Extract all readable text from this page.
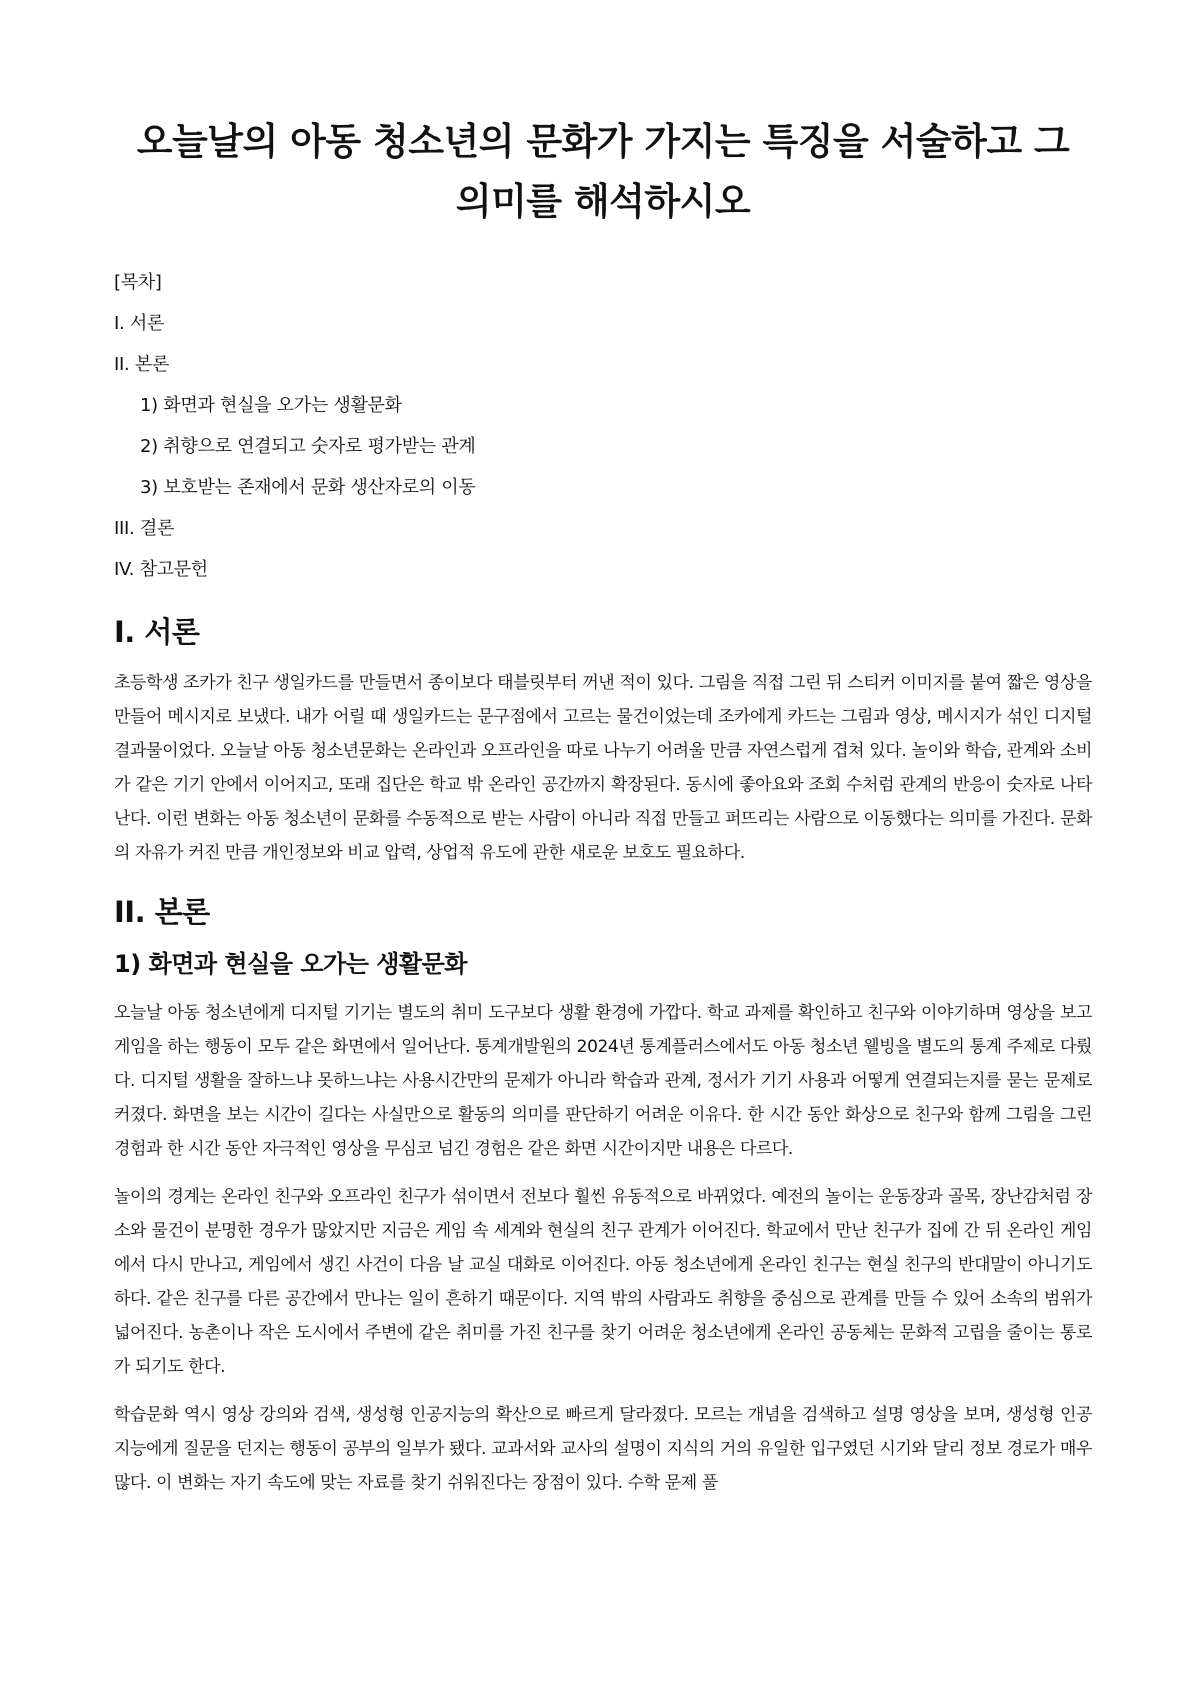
오늘날의 아동 청소년의 문화가 가지는 특징을 서술하고 그 의미를 해석하시오
[목차]
I. 서론
II. 본론
1) 화면과 현실을 오가는 생활문화
2) 취향으로 연결되고 숫자로 평가받는 관계
3) 보호받는 존재에서 문화 생산자로의 이동
III. 결론
IV. 참고문헌
I. 서론

초등학생 조카가 친구 생일카드를 만들면서 종이보다 태블릿부터 꺼낸 적이 있다. 그림을 직접 그린 뒤 스티커 이미지를 붙여 짧은 영상을 만들어 메시지로 보냈다. 내가 어릴 때 생일카드는 문구점에서 고르는 물건이었는데 조카에게 카드는 그림과 영상, 메시지가 섞인 디지털 결과물이었다. 오늘날 아동 청소년문화는 온라인과 오프라인을 따로 나누기 어려울 만큼 자연스럽게 겹쳐 있다. 놀이와 학습, 관계와 소비가 같은 기기 안에서 이어지고, 또래 집단은 학교 밖 온라인 공간까지 확장된다. 동시에 좋아요와 조회 수처럼 관계의 반응이 숫자로 나타난다. 이런 변화는 아동 청소년이 문화를 수동적으로 받는 사람이 아니라 직접 만들고 퍼뜨리는 사람으로 이동했다는 의미를 가진다. 문화의 자유가 커진 만큼 개인정보와 비교 압력, 상업적 유도에 관한 새로운 보호도 필요하다.

II. 본론
1) 화면과 현실을 오가는 생활문화

오늘날 아동 청소년에게 디지털 기기는 별도의 취미 도구보다 생활 환경에 가깝다. 학교 과제를 확인하고 친구와 이야기하며 영상을 보고 게임을 하는 행동이 모두 같은 화면에서 일어난다. 통계개발원의 2024년 통계플러스에서도 아동 청소년 웰빙을 별도의 통계 주제로 다뤘다. 디지털 생활을 잘하느냐 못하느냐는 사용시간만의 문제가 아니라 학습과 관계, 정서가 기기 사용과 어떻게 연결되는지를 묻는 문제로 커졌다. 화면을 보는 시간이 길다는 사실만으로 활동의 의미를 판단하기 어려운 이유다. 한 시간 동안 화상으로 친구와 함께 그림을 그린 경험과 한 시간 동안 자극적인 영상을 무심코 넘긴 경험은 같은 화면 시간이지만 내용은 다르다.

놀이의 경계는 온라인 친구와 오프라인 친구가 섞이면서 전보다 훨씬 유동적으로 바뀌었다. 예전의 놀이는 운동장과 골목, 장난감처럼 장소와 물건이 분명한 경우가 많았지만 지금은 게임 속 세계와 현실의 친구 관계가 이어진다. 학교에서 만난 친구가 집에 간 뒤 온라인 게임에서 다시 만나고, 게임에서 생긴 사건이 다음 날 교실 대화로 이어진다. 아동 청소년에게 온라인 친구는 현실 친구의 반대말이 아니기도 하다. 같은 친구를 다른 공간에서 만나는 일이 흔하기 때문이다. 지역 밖의 사람과도 취향을 중심으로 관계를 만들 수 있어 소속의 범위가 넓어진다. 농촌이나 작은 도시에서 주변에 같은 취미를 가진 친구를 찾기 어려운 청소년에게 온라인 공동체는 문화적 고립을 줄이는 통로가 되기도 한다.

학습문화 역시 영상 강의와 검색, 생성형 인공지능의 확산으로 빠르게 달라졌다. 모르는 개념을 검색하고 설명 영상을 보며, 생성형 인공지능에게 질문을 던지는 행동이 공부의 일부가 됐다. 교과서와 교사의 설명이 지식의 거의 유일한 입구였던 시기와 달리 정보 경로가 매우 많다. 이 변화는 자기 속도에 맞는 자료를 찾기 쉬워진다는 장점이 있다. 수학 문제 풀
